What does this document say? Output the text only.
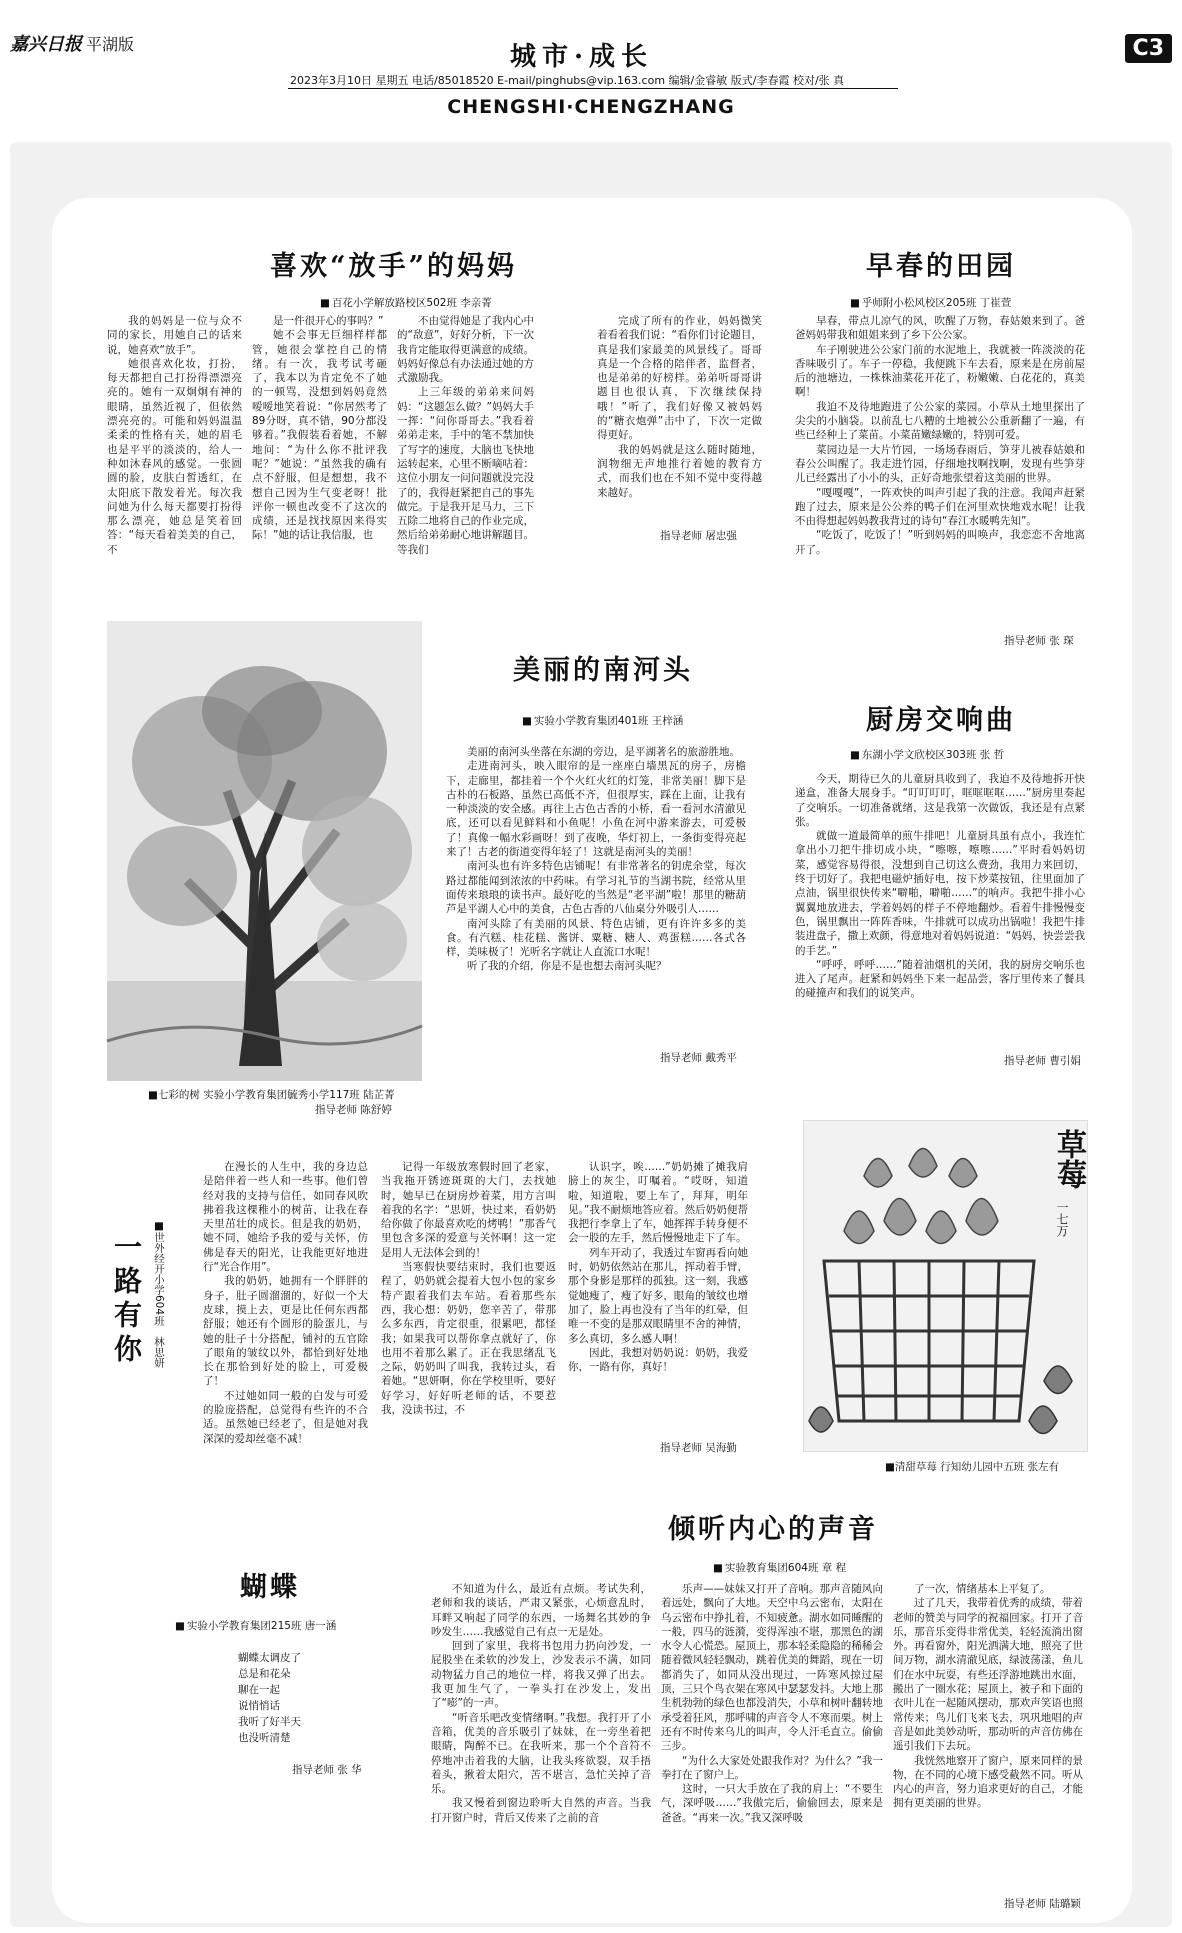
嘉兴日报 平湖版	城市·成长	C3
2023年3月10日 星期五 电话/85018520 E-mail/pinghubs@vip.163.com 编辑/金睿敏 版式/李春霞 校对/张 真
CHENGSHI·CHENGZHANG
喜欢“放手”的妈妈
■ 百花小学解放路校区502班 李亲菁

我的妈妈是一位与众不同的家长，用她自己的话来说，她喜欢“放手”。

她很喜欢化妆，打扮，每天都把自己打扮得漂漂亮亮的。她有一双炯炯有神的眼睛，虽然近视了，但依然漂亮亮的。可能和妈妈温温柔柔的性格有关，她的眉毛也是平平的淡淡的，给人一种如沐春风的感觉。一张圆圆的脸，皮肤白皙透红，在太阳底下散发着光。每次我问她为什么每天都要打扮得那么漂亮，她总是笑着回答：“每天看着美美的自己，不

是一件很开心的事吗？”

她不会事无巨细样样都管，她很会掌控自己的情绪。有一次，我考试考砸了，我本以为肯定免不了她的一顿骂，没想到妈妈竟然嗳嗳地笑着说：“你居然考了89分呀，真不错，90分都没够着。”我假装看着她，不解地问：“为什么你不批评我呢？”她说：“虽然我的确有点不舒服，但是想想，我不想自己因为生气变老呀！批评你一顿也改变不了这次的成绩，还是找找原因来得实际！”她的话让我信服，也

不由觉得她是了我内心中的“敌意”，好好分析，下一次我肯定能取得更满意的成绩。妈妈好像总有办法通过她的方式激励我。

上三年级的弟弟来问妈妈：“这题怎么做？”妈妈大手一挥：“问你哥哥去。”我看着弟弟走来，手中的笔不禁加快了写字的速度，大脑也飞快地运转起来，心里不断嘀咕着：这位小朋友一问问题就没完没了的，我得赶紧把自己的事先做完。于是我开足马力，三下五除二地将自己的作业完成，然后给弟弟耐心地讲解题目。等我们

完成了所有的作业，妈妈微笑着看着我们说：“看你们讨论题目，真是我们家最美的风景线了。哥哥真是一个合格的陪伴者，监督者，也是弟弟的好榜样。弟弟听哥哥讲题目也很认真，下次继续保持哦！”听了，我们好像又被妈妈的“糖衣炮弹”击中了，下次一定做得更好。

我的妈妈就是这么随时随地，润物细无声地推行着她的教育方式，而我们也在不知不觉中变得越来越好。

指导老师 屠忠强
早春的田园
■ 乎师附小松风校区205班 丁崔萱

早春，带点儿凉气的风，吹醒了万物，春姑娘来到了。爸爸妈妈带我和姐姐来到了乡下公公家。

车子刚驶进公公家门前的水泥地上，我就被一阵淡淡的花香味吸引了。车子一停稳，我便跳下车去看，原来是在房前屋后的池塘边，一株株油菜花开花了，粉嫩嫩、白花花的，真美啊！

我迫不及待地跑进了公公家的菜园。小草从土地里探出了尖尖的小脑袋。以前乱七八糟的土地被公公重新翻了一遍，有些已经种上了菜苗。小菜苗嫩绿嫩的，特别可爱。

菜园边是一大片竹园，一场场春雨后，笋芽儿被春姑娘和春公公叫醒了。我走进竹园，仔细地找啊找啊，发现有些笋芽儿已经露出了小小的头，正好奇地张望着这美丽的世界。

“嘎嘎嘎”，一阵欢快的叫声引起了我的注意。我闻声赶紧跑了过去，原来是公公养的鸭子们在河里欢快地戏水呢！让我不由得想起妈妈教我背过的诗句“春江水暖鸭先知”。

“吃饭了，吃饭了！”听到妈妈的叫唤声，我恋恋不舍地离开了。

指导老师 张 琛
■七彩的树 实验小学教育集团毓秀小学117班 陆芷菁
指导老师 陈舒婷
美丽的南河头
■ 实验小学教育集团401班 王梓涵

美丽的南河头坐落在东湖的旁边，是平湖著名的旅游胜地。

走进南河头，映入眼帘的是一座座白墙黑瓦的房子，房檐下，走廊里，都挂着一个个火红火红的灯笼，非常美丽！脚下是古朴的石板路，虽然已高低不齐，但很厚实，踩在上面，让我有一种淡淡的安全感。再往上古色古香的小桥，看一看河水清澈见底，还可以看见鲜料和小鱼呢！小鱼在河中游来游去，可爱极了！真像一幅水彩画呀！到了夜晚，华灯初上，一条街变得亮起来了！古老的街道变得年轻了！这就是南河头的美丽！

南河头也有许多特色店铺呢！有非常著名的钥虎余堂，每次路过都能闻到浓浓的中药味。有学习礼节的当湖书院，经常从里面传来琅琅的读书声。最好吃的当然是“老平湖”啦！那里的糖葫芦是平湖人心中的美食，古色古香的八仙桌分外吸引人……

南河头除了有美丽的风景、特色店铺，更有许许多多的美食。有汽糕、桂花糕、酱饼、粟糖、糖人、鸡蛋糕……各式各样，美味极了！光听名字就让人直流口水呢！

听了我的介绍，你是不是也想去南河头呢？

指导老师 戴秀平
厨房交响曲
■ 东湖小学文欣校区303班 张 哲

今天，期待已久的儿童厨具收到了，我迫不及待地拆开快递盒，准备大展身手。“叮叮叮叮，哐哐哐哐……”厨房里奏起了交响乐。一切准备就绪，这是我第一次做饭，我还是有点紧张。

就做一道最简单的煎牛排吧！儿童厨具虽有点小，我连忙拿出小刀把牛排切成小块，“嚓嚓，嚓嚓……”平时看妈妈切菜，感觉容易得很，没想到自己切这么费劲，我用力来回切，终于切好了。我把电磁炉插好电，按下炒菜按钮，往里面加了点油，锅里很快传来“噼啪，噼啪……”的响声。我把牛排小心翼翼地放进去，学着妈妈的样子不停地翻炒。看着牛排慢慢变色，锅里飘出一阵阵香味，牛排就可以成功出锅啦！我把牛排装进盘子，撒上欢颜，得意地对着妈妈说道：“妈妈，快尝尝我的手艺。”

“呼呼，呼呼……”随着油烟机的关闭，我的厨房交响乐也进入了尾声。赶紧和妈妈坐下来一起品尝，客厅里传来了餐具的碰撞声和我们的说笑声。

指导老师 曹引娟
一路有你 ■世外经开小学604班　林思妍

在漫长的人生中，我的身边总是陪伴着一些人和一些事。他们曾经对我的支持与信任，如同春风吹拂着我这棵稚小的树苗，让我在春天里茁壮的成长。但是我的奶奶，她不同，她给予我的爱与关怀，仿佛是春天的阳光，让我能更好地进行“光合作用”。

我的奶奶，她拥有一个胖胖的身子，肚子圆溜溜的，好似一个大皮球，摸上去，更是比任何东西都舒服；她还有个圆形的脸蛋儿，与她的肚子十分搭配，铺衬的五官除了眼角的皱纹以外，都恰到好处地长在那恰到好处的脸上，可爱极了！

不过她如同一般的白发与可爱的脸庞搭配，总觉得有些许的不合适。虽然她已经老了，但是她对我深深的爱却丝毫不减！

记得一年级放寒假时回了老家，当我拖开锈迹斑斑的大门，去找她时，她早已在厨房炒着菜，用方言叫着我的名字：“思妍，快过来，看奶奶给你做了你最喜欢吃的烤鸭！”那香气里包含多深的爱意与关怀啊！这一定是用人无法体会到的！

当寒假快要结束时，我们也要返程了，奶奶就会提着大包小包的家乡特产跟着我们去车站。看着那些东西，我心想：奶奶，您辛苦了，带那么多东西，肯定很重，很累吧，都怪我；如果我可以帮你拿点就好了，你也用不着那么累了。正在我思绪乱飞之际，奶奶叫了叫我，我转过头，看着她。“思妍啊，你在学校里听，要好好学习，好好听老师的话，不要惹我，没读书过，不

认识字，唉……”奶奶摊了摊我肩膀上的灰尘，叮嘱着。“哎呀，知道啦，知道啦，要上车了，拜拜，明年见。”我不耐烦地答应着。然后奶奶便帮我把行李拿上了车，她挥挥手转身便不会一股的左手，然后慢慢地走下了车。

列车开动了，我透过车窗再看向她时，奶奶依然站在那儿，挥动着手臂，那个身影是那样的孤独。这一刻，我感觉她瘦了，瘦了好多，眼角的皱纹也增加了，脸上再也没有了当年的红晕，但唯一不变的是那双眼睛里不舍的神情，多么真切，多么感人啊！

因此，我想对奶奶说：奶奶，我爱你，一路有你，真好！

指导老师 吴海勤
草莓
一七万
■清甜草莓 行知幼儿园中五班 张左有
倾听内心的声音
■ 实验教育集团604班 章 程

不知道为什么，最近有点烦。考试失利，老师和我的谈话，严肃又紧张，心烦意乱时，耳畔又响起了同学的东西，一场舞名其妙的争吵发生……我感觉自己有点一无是处。

回到了家里，我将书包用力扔向沙发，一屁股坐在柔软的沙发上，沙发表示不满，如同动物猛力自己的地位一样，将我又弹了出去。我更加生气了，一拳头打在沙发上，发出了“嘭”的一声。

“听音乐吧改变情绪啊。”我想。我打开了小音箱，优美的音乐吸引了妹妹，在一旁坐着把眼睛，陶醉不已。在我听来，那一个个音符不停地冲击着我的大脑，让我头疼欲裂，双手捂着头，揪着太阳穴，苦不堪言，急忙关掉了音乐。

我又慢着到窗边聆听大自然的声音。当我打开窗户时，背后又传来了之前的音

乐声——妹妹又打开了音响。那声音随风向着远处，飘向了大地。天空中乌云密布，太阳在乌云密布中挣扎着，不知疲惫。湖水如同睡醒的一般，四马的涟漪，变得浑浊不堪，那黑色的湖水令人心慌恐。屋顶上，那本轻柔隐隐的稀稀会随着微风轻轻飘动，跳着优美的舞蹈，现在一切都消失了，如同从没出现过，一阵寒风掠过屋顶，三只个鸟衣架在寒风中瑟瑟发抖。大地上那生机勃勃的绿色也都没消失，小草和树叶翻转地承受着狂风，那呼啸的声音令人不寒而栗。树上还有不时传来乌儿的叫声，令人汗毛直立。偷偷三步。

“为什么大家处处跟我作对？为什么？”我一拳打在了窗户上。

这时，一只大手放在了我的肩上：“不要生气，深呼吸……”我傲完后，偷偷回去，原来是爸爸。“再来一次。”我又深呼吸

了一次，情绪基本上平复了。

过了几天，我带着优秀的成绩，带着老师的赞美与同学的祝福回家。打开了音乐，那音乐变得非常优美，轻轻流淌出窗外。再看窗外，阳光洒满大地，照亮了世间万物，湖水清澈见底，绿波荡漾，鱼儿们在水中玩耍，有些还浮游地跳出水面，搬出了一圈水花；屋顶上，被子和下面的衣叶儿在一起随风摆动，那欢声笑语也照常传来；鸟儿们飞来飞去，巩巩地唱的声音是如此美妙动听，那动听的声音仿佛在遥引我们下去玩。

我恍然地察开了窗户，原来同样的景物，在不同的心境下感受截然不同。听从内心的声音，努力追求更好的自己，才能拥有更美丽的世界。

指导老师 陆璐颖
蝴蝶
■ 实验小学教育集团215班 唐一涵
蝴蝶太调皮了
总是和花朵
聊在一起
说悄悄话
我听了好半天
也没听清楚
指导老师 张 华
